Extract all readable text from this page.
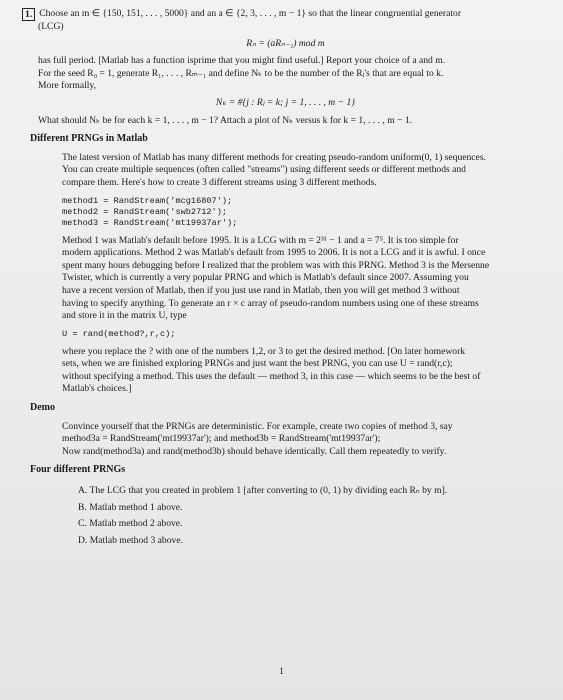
1. Choose an m ∈ {150, 151, . . . , 5000} and an a ∈ {2, 3, . . . , m − 1} so that the linear congruential generator

(LCG)

Rₙ = (aRₙ₋₁) mod m

has full period. [Matlab has a function isprime that you might find useful.] Report your choice of a and m.

For the seed R₀ = 1, generate R₁, . . . , Rₘ₋₁ and define Nₖ to be the number of the Rⱼ's that are equal to k.

More formally,

Nₖ = #{j : Rⱼ = k; j = 1, . . . , m − 1}

What should Nₖ be for each k = 1, . . . , m − 1? Attach a plot of Nₖ versus k for k = 1, . . . , m − 1.

Different PRNGs in Matlab

The latest version of Matlab has many different methods for creating pseudo-random uniform(0, 1) sequences.

You can create multiple sequences (often called "streams") using different seeds or different methods and

compare them. Here's how to create 3 different streams using 3 different methods.

method1 = RandStream('mcg16807');
method2 = RandStream('swb2712');
method3 = RandStream('mt19937ar');

Method 1 was Matlab's default before 1995. It is a LCG with m = 2³¹ − 1 and a = 7⁵. It is too simple for

modern applications. Method 2 was Matlab's default from 1995 to 2006. It is not a LCG and it is awful. I once

spent many hours debugging before I realized that the problem was with this PRNG. Method 3 is the Mersenne

Twister, which is currently a very popular PRNG and which is Matlab's default since 2007. Assuming you

have a recent version of Matlab, then if you just use rand in Matlab, then you will get method 3 without

having to specify anything. To generate an r × c array of pseudo-random numbers using one of these streams

and store it in the matrix U, type

U = rand(method?,r,c);

where you replace the ? with one of the numbers 1,2, or 3 to get the desired method. [On later homework

sets, when we are finished exploring PRNGs and just want the best PRNG, you can use U = rand(r,c);

without specifying a method. This uses the default — method 3, in this case — which seems to be the best of

Matlab's choices.]

Demo

Convince yourself that the PRNGs are deterministic. For example, create two copies of method 3, say

method3a = RandStream('mt19937ar'); and method3b = RandStream('mt19937ar');

Now rand(method3a) and rand(method3b) should behave identically. Call them repeatedly to verify.

Four different PRNGs
A. The LCG that you created in problem 1 [after converting to (0, 1) by dividing each Rₙ by m].
B. Matlab method 1 above.
C. Matlab method 2 above.
D. Matlab method 3 above.
1
